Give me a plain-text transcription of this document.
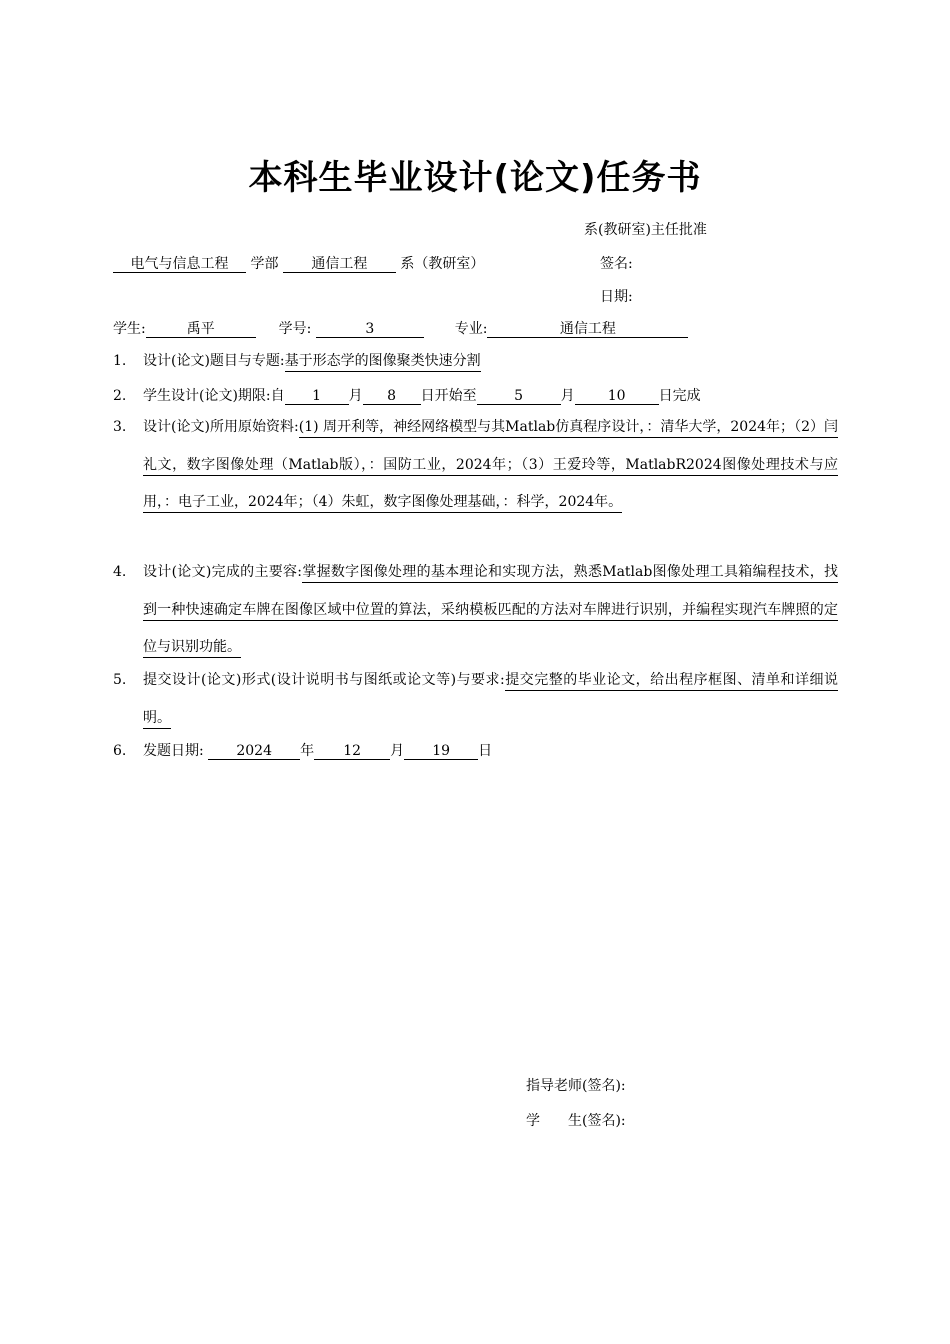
本科生毕业设计(论文)任务书
系(教研室)主任批准
签名:
日期:
电气与信息工程 学部 通信工程 系（教研室）
学生:	禹平	学号:	3	专业:	通信工程
1. 设计(论文)题目与专题:基于形态学的图像聚类快速分割
2. 学生设计(论文)期限:自 1 月 8 日开始至	5	月 10 日完成
3. 设计(论文)所用原始资料:(1) 周开利等，神经网络模型与其Matlab仿真程序设计，：清华大学，2024年；（2）闫礼文，数字图像处理（Matlab版），：国防工业，2024年；（3）王爱玲等，MatlabR2024图像处理技术与应用，：电子工业，2024年；（4）朱虹，数字图像处理基础，：科学，2024年。
4. 设计(论文)完成的主要容:掌握数字图像处理的基本理论和实现方法，熟悉Matlab图像处理工具箱编程技术，找到一种快速确定车牌在图像区域中位置的算法，采纳模板匹配的方法对车牌进行识别，并编程实现汽车牌照的定位与识别功能。
5. 提交设计(论文)形式(设计说明书与图纸或论文等)与要求:提交完整的毕业论文，给出程序框图、清单和详细说明。
6. 发题日期: 2024 年 12 月 19 日
指导老师(签名):
学　　生(签名):
